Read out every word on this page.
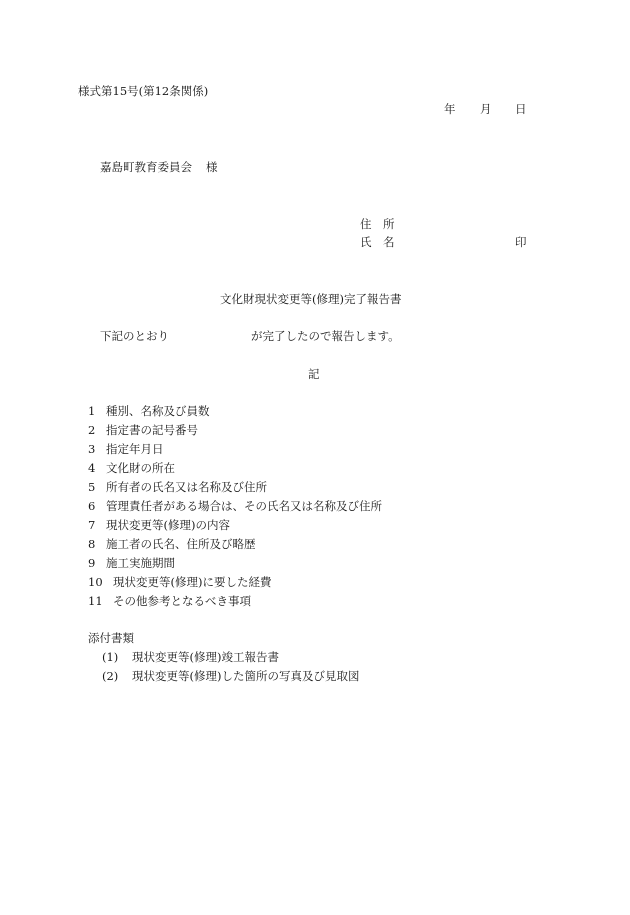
様式第15号(第12条関係)
年 月 日
嘉島町教育委員会 様
住　所
氏　名	印
文化財現状変更等(修理)完了報告書
下記のとおり	が完了したので報告します。
記
1 種別、名称及び員数
2 指定書の記号番号
3 指定年月日
4 文化財の所在
5 所有者の氏名又は名称及び住所
6 管理責任者がある場合は、その氏名又は名称及び住所
7 現状変更等(修理)の内容
8 施工者の氏名、住所及び略歴
9 施工実施期間
10 現状変更等(修理)に要した経費
11 その他参考となるべき事項
添付書類
(1) 現状変更等(修理)竣工報告書
(2) 現状変更等(修理)した箇所の写真及び見取図
